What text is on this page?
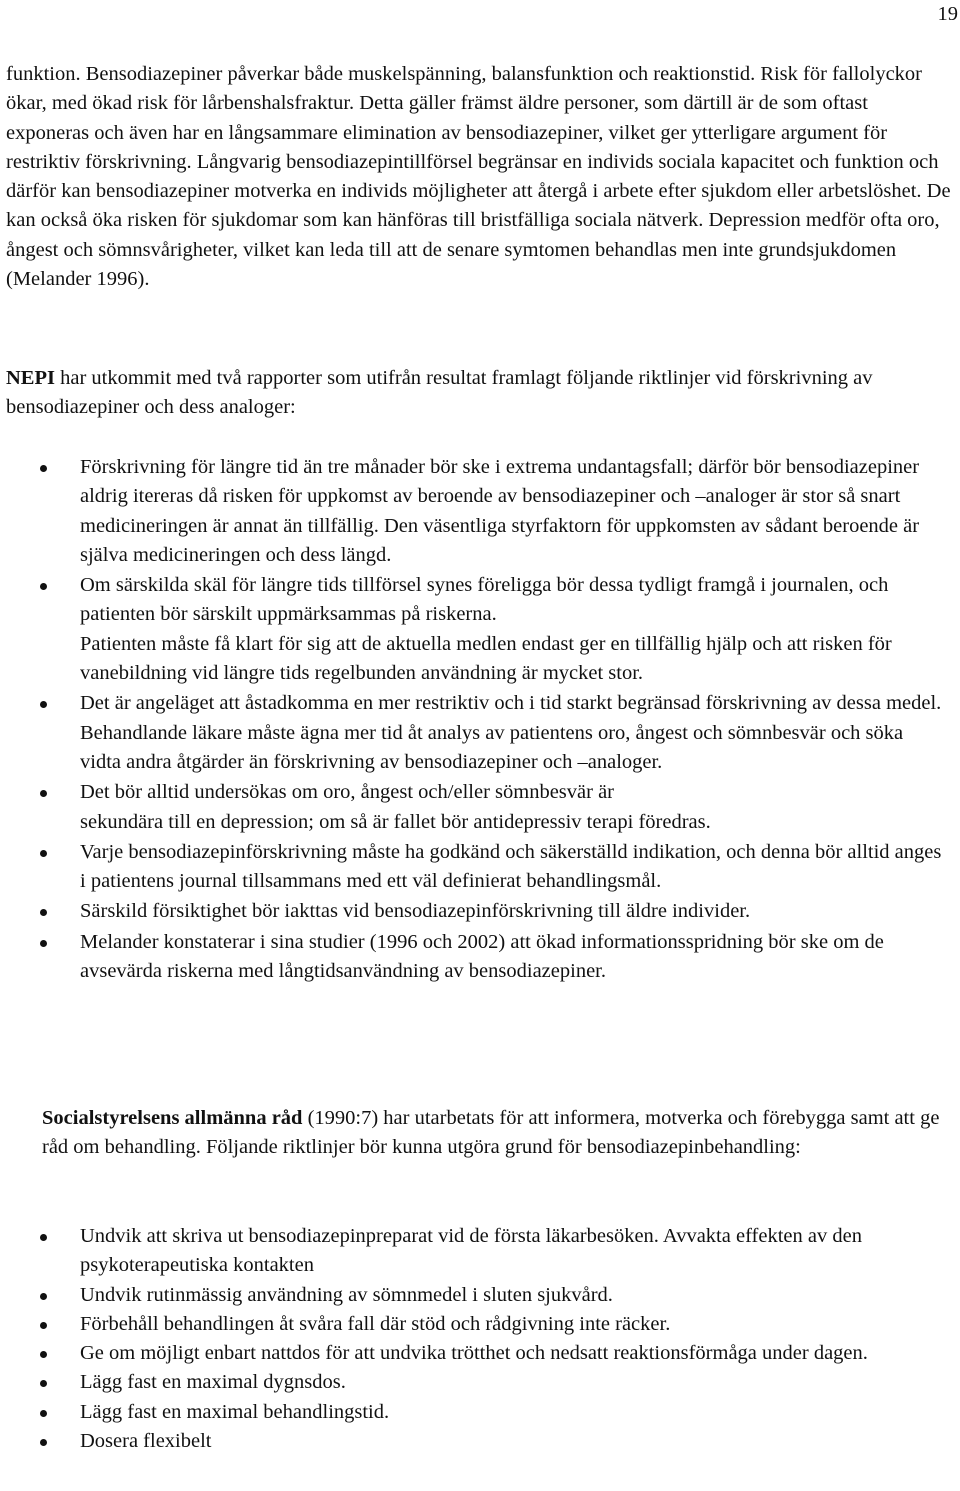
19

funktion. Bensodiazepiner påverkar både muskelspänning, balansfunktion och reaktionstid. Risk för fallolyckor ökar, med ökad risk för lårbenshalsfraktur. Detta gäller främst äldre personer, som därtill är de som oftast exponeras och även har en långsammare elimination av bensodiazepiner, vilket ger ytterligare argument för restriktiv förskrivning. Långvarig bensodiazepintillförsel begränsar en individs sociala kapacitet och funktion och därför kan bensodiazepiner motverka en individs möjligheter att återgå i arbete efter sjukdom eller arbetslöshet. De kan också öka risken för sjukdomar som kan hänföras till bristfälliga sociala nätverk. Depression medför ofta oro, ångest och sömnsvårigheter, vilket kan leda till att de senare symtomen behandlas men inte grundsjukdomen (Melander 1996).

NEPI har utkommit med två rapporter som utifrån resultat framlagt följande riktlinjer vid förskrivning av bensodiazepiner och dess analoger:

Förskrivning för längre tid än tre månader bör ske i extrema undantagsfall; därför bör bensodiazepiner aldrig itereras då risken för uppkomst av beroende av bensodiazepiner och –analoger är stor så snart medicineringen är annat än tillfällig. Den väsentliga styrfaktorn för uppkomsten av sådant beroende är själva medicineringen och dess längd.
Om särskilda skäl för längre tids tillförsel synes föreligga bör dessa tydligt framgå i journalen, och patienten bör särskilt uppmärksammas på riskerna.
Patienten måste få klart för sig att de aktuella medlen endast ger en tillfällig hjälp och att risken för vanebildning vid längre tids regelbunden användning är mycket stor.
Det är angeläget att åstadkomma en mer restriktiv och i tid starkt begränsad förskrivning av dessa medel. Behandlande läkare måste ägna mer tid åt analys av patientens oro, ångest och sömnbesvär och söka vidta andra åtgärder än förskrivning av bensodiazepiner och –analoger.
Det bör alltid undersökas om oro, ångest och/eller sömnbesvär är
sekundära till en depression; om så är fallet bör antidepressiv terapi föredras.
Varje bensodiazepinförskrivning måste ha godkänd och säkerställd indikation, och denna bör alltid anges i patientens journal tillsammans med ett väl definierat behandlingsmål.
Särskild försiktighet bör iakttas vid bensodiazepinförskrivning till äldre individer.
Melander konstaterar i sina studier (1996 och 2002) att ökad informationsspridning bör ske om de avsevärda riskerna med långtidsanvändning av bensodiazepiner.

Socialstyrelsens allmänna råd (1990:7) har utarbetats för att informera, motverka och förebygga samt att ge råd om behandling. Följande riktlinjer bör kunna utgöra grund för bensodiazepinbehandling:

Undvik att skriva ut bensodiazepinpreparat vid de första läkarbesöken. Avvakta effekten av den psykoterapeutiska kontakten
Undvik rutinmässig användning av sömnmedel i sluten sjukvård.
Förbehåll behandlingen åt svåra fall där stöd och rådgivning inte räcker.
Ge om möjligt enbart nattdos för att undvika trötthet och nedsatt reaktionsförmåga under dagen.
Lägg fast en maximal dygnsdos.
Lägg fast en maximal behandlingstid.
Dosera flexibelt
